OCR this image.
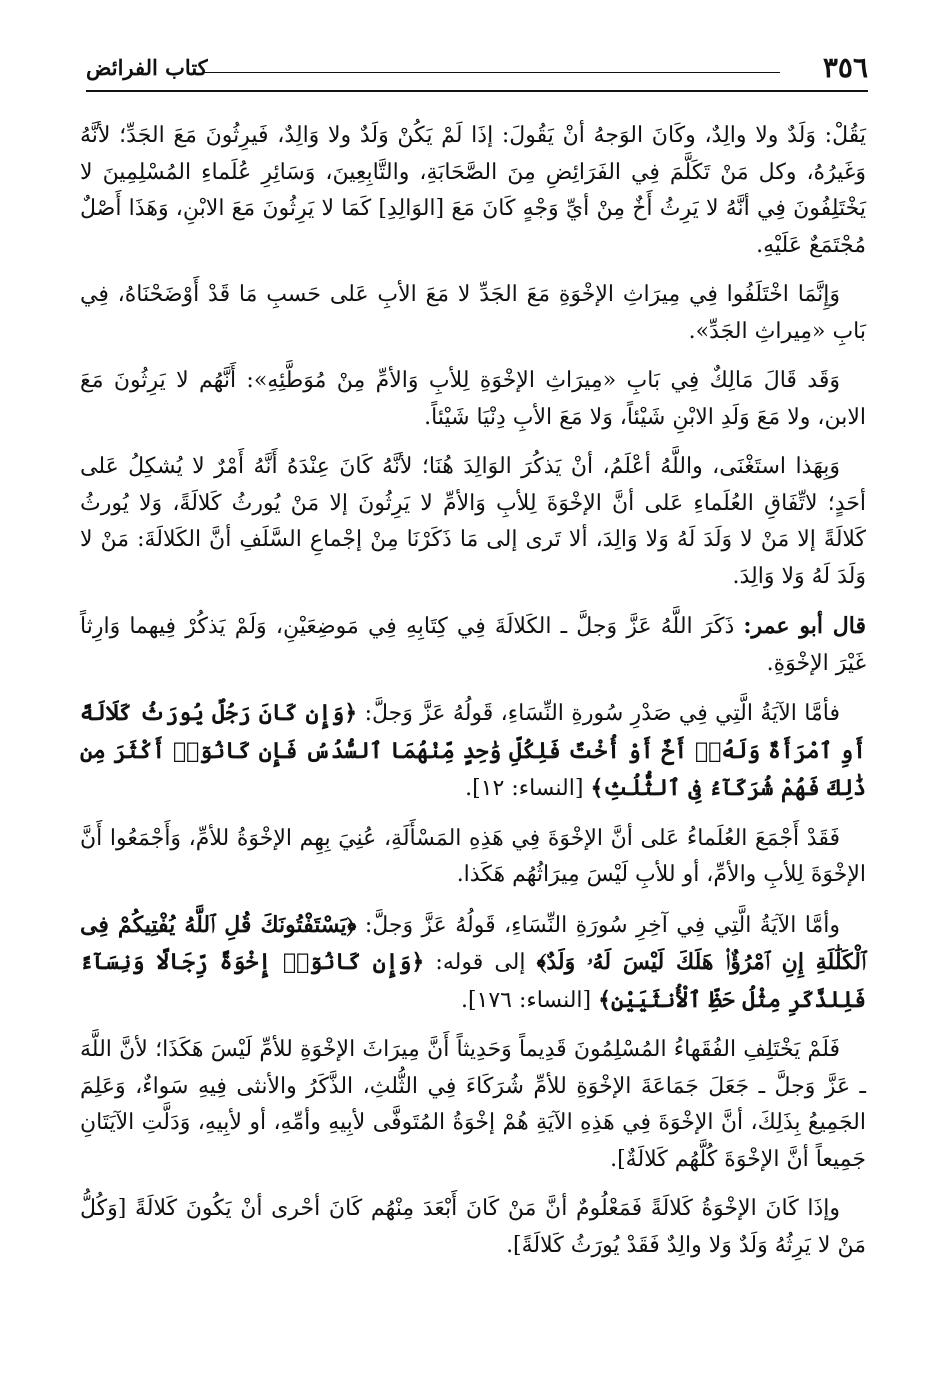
٣٥٦
كتاب الفرائض

يَقُلْ: وَلَدٌ ولا والِدٌ، وكَانَ الوَجهُ أنْ يَقُولَ: إذَا لَمْ يَكُنْ وَلَدٌ ولا وَالِدٌ، فَيرِثُونَ مَعَ الجَدِّ؛ لأنَّهُ وَغَيرُهُ، وكل مَنْ تَكَلَّمَ فِي الفَرَائِضِ مِنَ الصَّحَابَةِ، والتَّابِعِينَ، وَسَائِرِ عُلَماءِ المُسْلِمِينَ لا يَخْتَلِفُونَ فِي أنَّهُ لا يَرِثُ أَخٌ مِنْ أيِّ وَجْهٍ كَانَ مَعَ [الوَالِدِ] كَمَا لا يَرِثُونَ مَعَ الابْنِ، وَهَذَا أَصْلٌ مُجْتَمَعٌ عَلَيْهِ.

وَإِنَّمَا اخْتَلَفُوا فِي مِيرَاثِ الإخْوَةِ مَعَ الجَدِّ لا مَعَ الأبِ عَلى حَسبِ مَا قَدْ أَوْضَحْنَاهُ، فِي بَابِ «مِيراثِ الجَدِّ».

وَقَد قَالَ مَالِكٌ فِي بَابِ «مِيرَاثِ الإخْوَةِ لِلأبِ وَالأمِّ مِنْ مُوَطَّئِهِ»: أَنَّهُم لا يَرِثُونَ مَعَ الابن، ولا مَعَ وَلَدِ الابْنِ شَيْئاً، وَلا مَعَ الأبِ دِنْيَا شَيْئاً.

وَبِهَذا استَغْنَى، واللَّهُ أعْلَمُ، أنْ يَذكُرَ الوَالِدَ هُنَا؛ لأنَّهُ كَانَ عِنْدَهُ أَنَّهُ أَمْرٌ لا يُشكِلُ عَلى أحَدٍ؛ لاتِّفَاقِ العُلَماءِ عَلى أنَّ الإخْوَةَ لِلأبِ وَالأمِّ لا يَرِثُونَ إلا مَنْ يُورثُ كَلالَةً، وَلا يُورثُ كَلالَةً إلا مَنْ لا وَلَدَ لَهُ وَلا وَالِدَ، ألا تَرى إلى مَا ذَكَرْنَا مِنْ إجْماعِ السَّلَفِ أنَّ الكَلالَةَ: مَنْ لا وَلَدَ لَهُ وَلا وَالِدَ.

قال أبو عمر: ذَكَرَ اللَّهُ عَزَّ وَجلَّ ـ الكَلالَةَ فِي كِتَابِهِ فِي مَوضِعَيْنِ، وَلَمْ يَذكُرْ فِيهما وَارِثاً غَيْرَ الإخْوَةِ.

فأمَّا الآيَةُ الَّتِي فِي صَدْرِ سُورةِ النِّسَاءِ، قَولُهُ عَزَّ وَجلَّ: ﴿وَإِن كَانَ رَجُلٌ يُورَثُ كَلَالَةً أَوِ ٱمْرَأَةٌ وَلَهُۥٓ أَخٌ أَوْ أُخْتٌ فَلِكُلِّ وَٰحِدٍ مِّنْهُمَا ٱلسُّدُسُ فَإِن كَانُوٓا۟ أَكْثَرَ مِن ذَٰلِكَ فَهُمْ شُرَكَآءُ فِى ٱلثُّلُثِ﴾ [النساء: ١٢].

فَقَدْ أَجْمَعَ العُلَماءُ عَلى أنَّ الإخْوَةَ فِي هَذِهِ المَسْأَلَةِ، عُنِيَ بِهِم الإخْوَةُ للأمِّ، وَأَجْمَعُوا أَنَّ الإخْوَةَ لِلأبِ والأمِّ، أو للأبِ لَيْسَ مِيرَاثُهُم هَكَذا.

وأمَّا الآيَةُ الَّتِي فِي آخِرِ سُورَةِ النِّسَاءِ، قَولُهُ عَزَّ وَجلَّ: ﴿يَسْتَفْتُونَكَ قُلِ ٱللَّهُ يُفْتِيكُمْ فِى ٱلْكَلَٰلَةِ إِنِ ٱمْرُؤٌا۟ هَلَكَ لَيْسَ لَهُۥ وَلَدٌ﴾ إلى قوله: ﴿وَإِن كَانُوٓا۟ إِخْوَةً رِّجَالًا وَنِسَآءً فَلِلذَّكَرِ مِثْلُ حَظِّ ٱلْأُنثَيَيْنِ﴾ [النساء: ١٧٦].

فَلَمْ يَخْتَلِفِ الفُقَهاءُ المُسْلِمُونَ قَدِيماً وَحَدِيثاً أَنَّ مِيرَاثَ الإخْوَةِ للأمِّ لَيْسَ هَكَذَا؛ لأنَّ اللَّهَ ـ عَزَّ وَجلَّ ـ جَعَلَ جَمَاعَةَ الإخْوَةِ للأمِّ شُرَكَاءَ فِي الثُّلثِ، الذَّكَرُ والأنثى فِيهِ سَواءٌ، وَعَلِمَ الجَمِيعُ بِذَلِكَ، أنَّ الإخْوَةَ فِي هَذِهِ الآيَةِ هُمْ إخْوَةُ المُتَوفَّى لأبِيهِ وأمِّهِ، أو لأبِيهِ، وَدَلَّتِ الآيَتَانِ جَمِيعاً أنَّ الإخْوَةَ كُلَّهُم كَلالَةٌ].

وإذَا كَانَ الإخْوَةُ كَلالَةً فَمَعْلُومٌ أنَّ مَنْ كَانَ أَبْعَدَ مِنْهُم كَانَ أحْرى أنْ يَكُونَ كَلالَةً [وَكُلُّ مَنْ لا يَرِثُهُ وَلَدٌ وَلا والِدٌ فَقَدْ يُورَثُ كَلالَةً].
